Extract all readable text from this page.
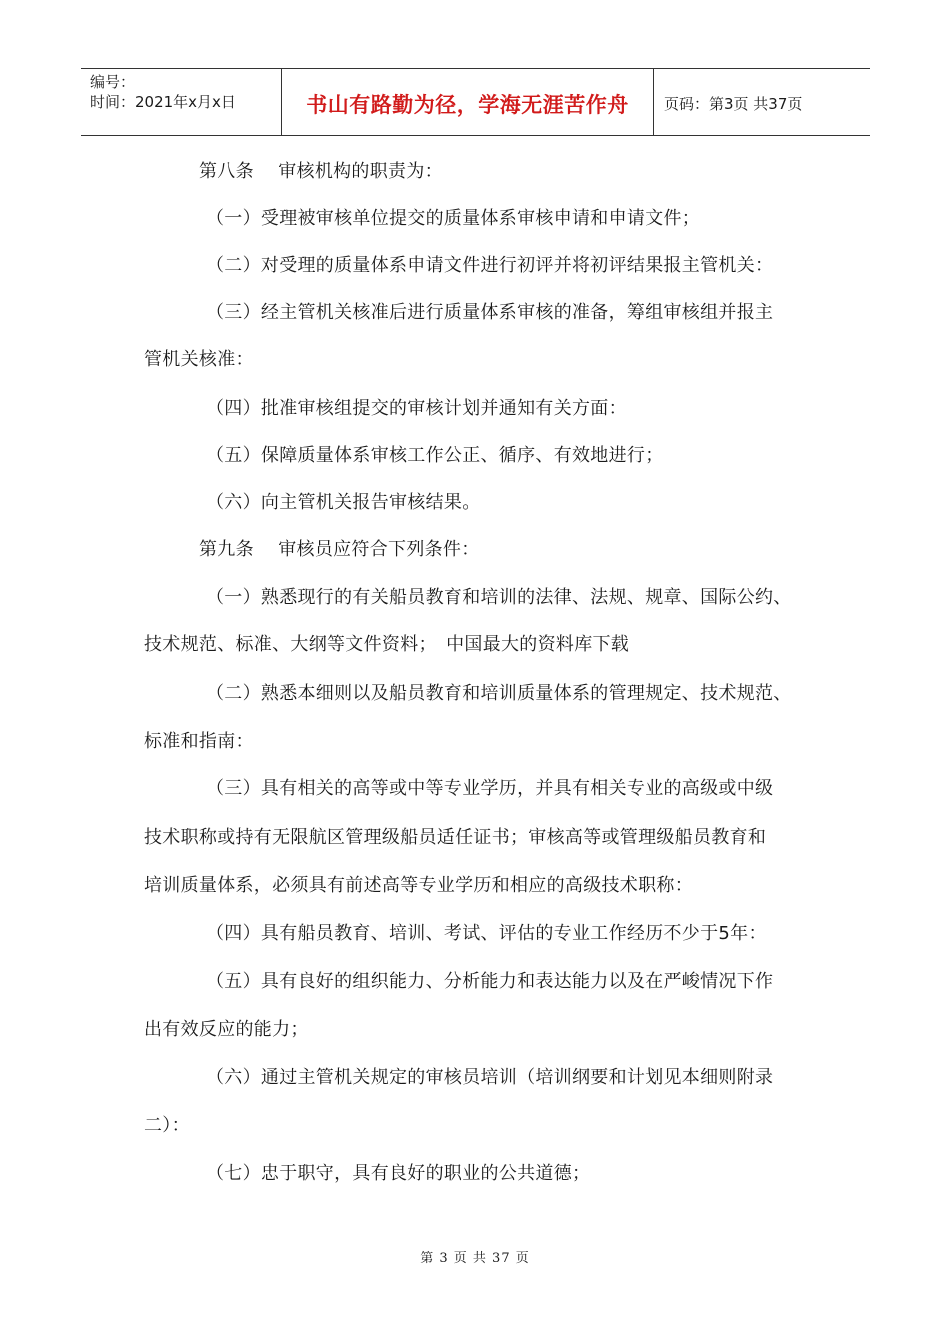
编号：
时间：2021年x月x日	书山有路勤为径，学海无涯苦作舟	页码：第3页 共37页
第八条　 审核机构的职责为：
（一）受理被审核单位提交的质量体系审核申请和申请文件；
（二）对受理的质量体系申请文件进行初评并将初评结果报主管机关：
（三）经主管机关核准后进行质量体系审核的准备，筹组审核组并报主
管机关核准：
（四）批准审核组提交的审核计划并通知有关方面：
（五）保障质量体系审核工作公正、循序、有效地进行；
（六）向主管机关报告审核结果。
第九条　 审核员应符合下列条件：
（一）熟悉现行的有关船员教育和培训的法律、法规、规章、国际公约、
技术规范、标准、大纲等文件资料；　中国最大的资料库下载
（二）熟悉本细则以及船员教育和培训质量体系的管理规定、技术规范、
标准和指南：
（三）具有相关的高等或中等专业学历，并具有相关专业的高级或中级
技术职称或持有无限航区管理级船员适任证书；审核高等或管理级船员教育和
培训质量体系，必须具有前述高等专业学历和相应的高级技术职称：
（四）具有船员教育、培训、考试、评估的专业工作经历不少于5年：
（五）具有良好的组织能力、分析能力和表达能力以及在严峻情况下作
出有效反应的能力；
（六）通过主管机关规定的审核员培训（培训纲要和计划见本细则附录
二）：
（七）忠于职守，具有良好的职业的公共道德；
第 3 页 共 37 页
